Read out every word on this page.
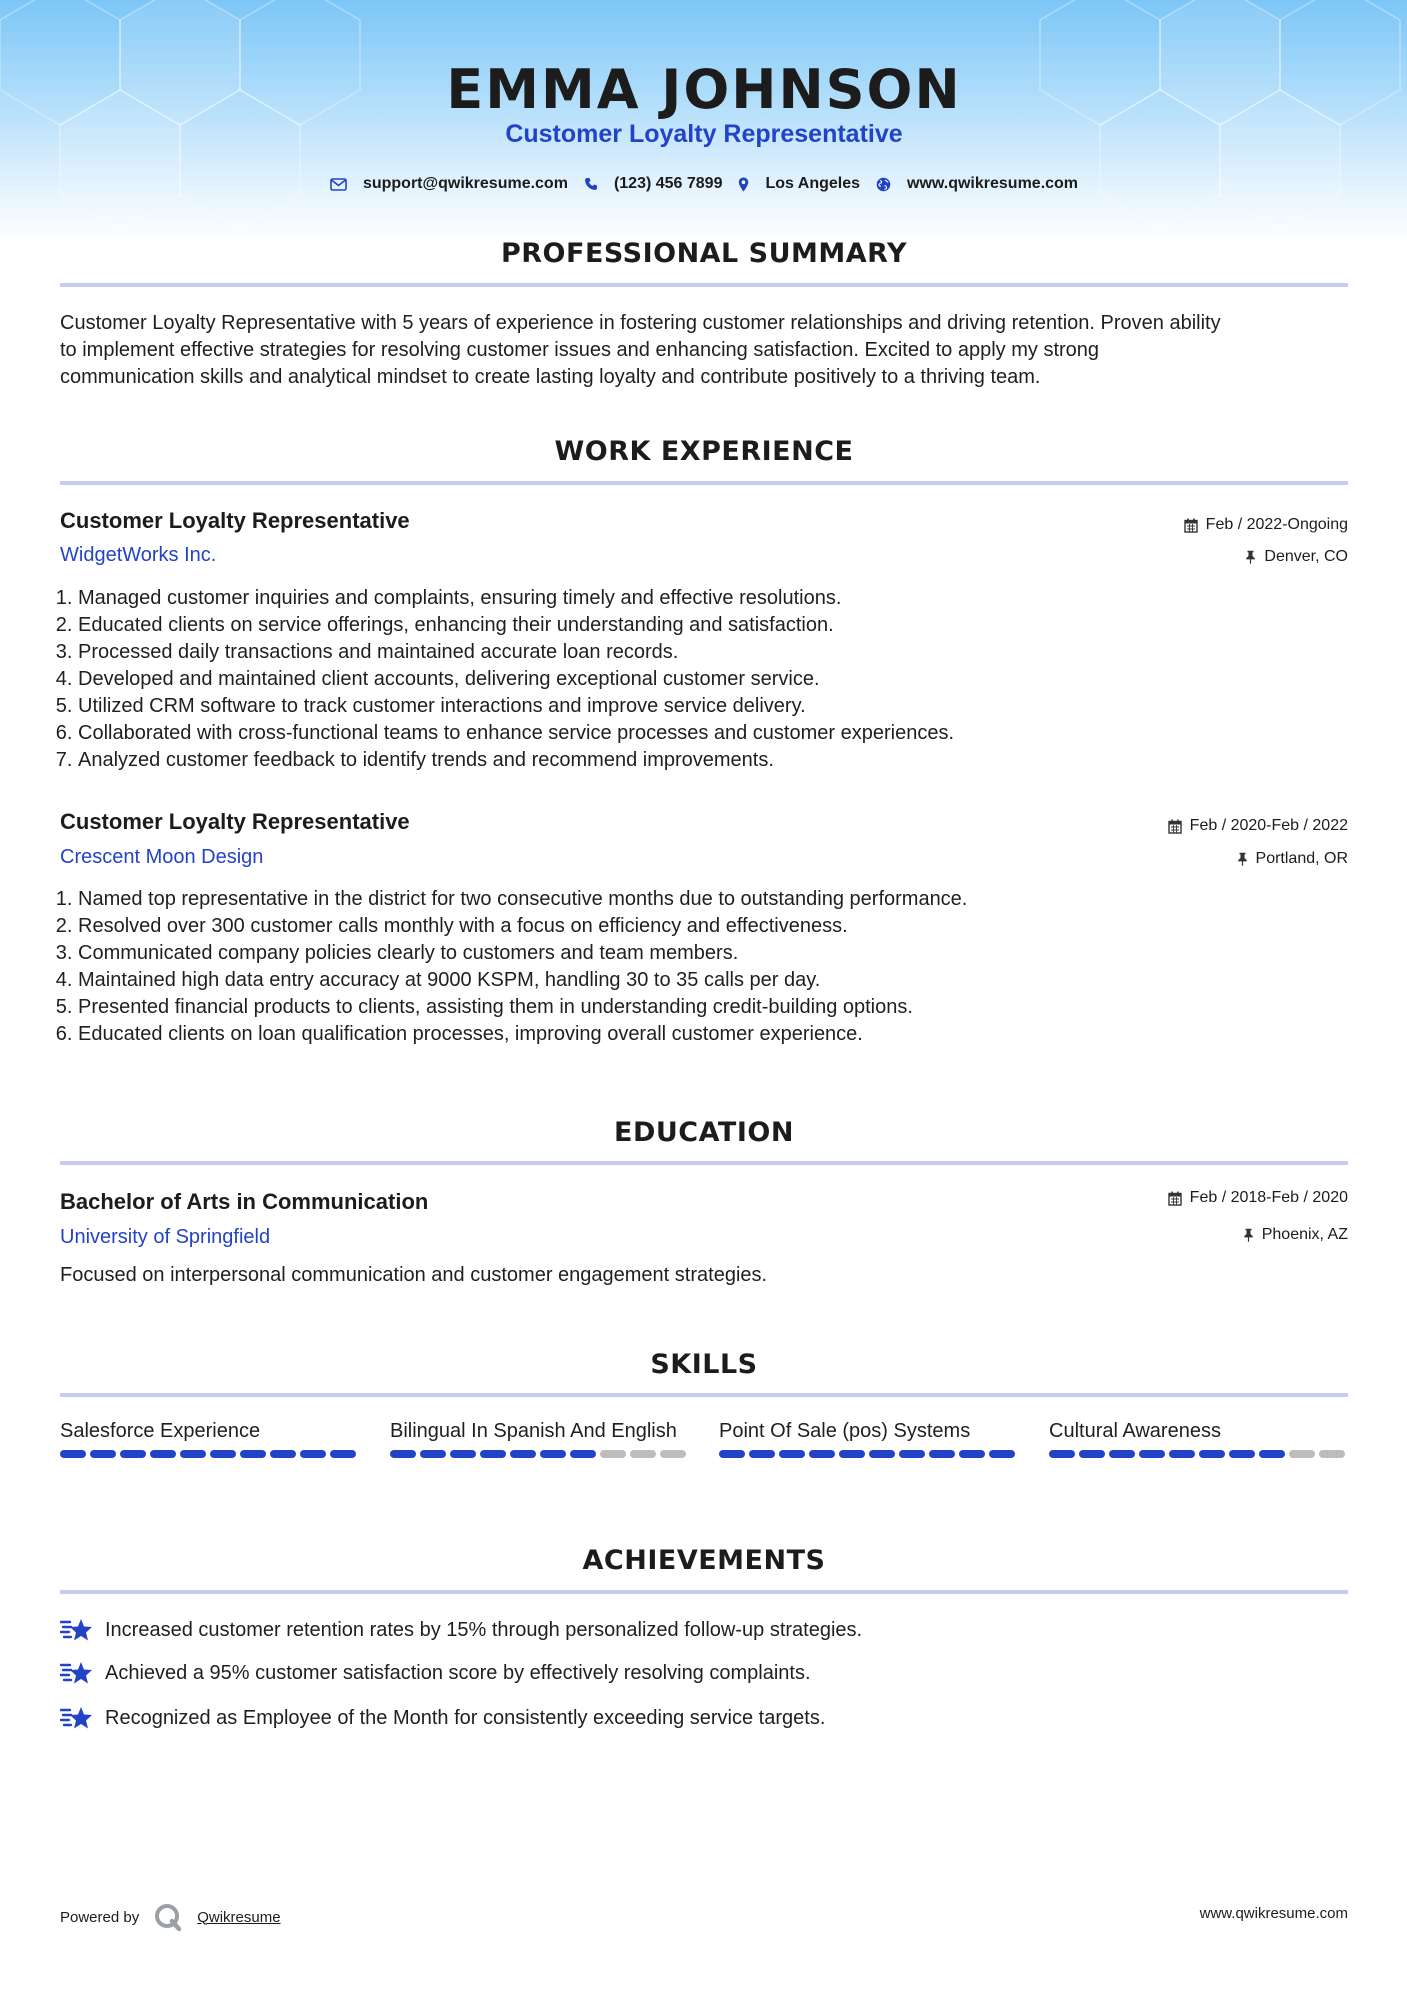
EMMA JOHNSON
Customer Loyalty Representative
support@qwikresume.com	(123) 456 7899	Los Angeles	www.qwikresume.com
PROFESSIONAL SUMMARY
Customer Loyalty Representative with 5 years of experience in fostering customer relationships and driving retention. Proven ability
to implement effective strategies for resolving customer issues and enhancing satisfaction. Excited to apply my strong
communication skills and analytical mindset to create lasting loyalty and contribute positively to a thriving team.
WORK EXPERIENCE
Customer Loyalty Representative	Feb / 2022-Ongoing
WidgetWorks Inc.	Denver, CO
1. Managed customer inquiries and complaints, ensuring timely and effective resolutions.
2. Educated clients on service offerings, enhancing their understanding and satisfaction.
3. Processed daily transactions and maintained accurate loan records.
4. Developed and maintained client accounts, delivering exceptional customer service.
5. Utilized CRM software to track customer interactions and improve service delivery.
6. Collaborated with cross-functional teams to enhance service processes and customer experiences.
7. Analyzed customer feedback to identify trends and recommend improvements.
Customer Loyalty Representative	Feb / 2020-Feb / 2022
Crescent Moon Design	Portland, OR
1. Named top representative in the district for two consecutive months due to outstanding performance.
2. Resolved over 300 customer calls monthly with a focus on efficiency and effectiveness.
3. Communicated company policies clearly to customers and team members.
4. Maintained high data entry accuracy at 9000 KSPM, handling 30 to 35 calls per day.
5. Presented financial products to clients, assisting them in understanding credit-building options.
6. Educated clients on loan qualification processes, improving overall customer experience.
EDUCATION
Bachelor of Arts in Communication	Feb / 2018-Feb / 2020
University of Springfield	Phoenix, AZ
Focused on interpersonal communication and customer engagement strategies.
SKILLS
Salesforce Experience	Bilingual In Spanish And English	Point Of Sale (pos) Systems	Cultural Awareness
ACHIEVEMENTS
Increased customer retention rates by 15% through personalized follow-up strategies.
Achieved a 95% customer satisfaction score by effectively resolving complaints.
Recognized as Employee of the Month for consistently exceeding service targets.
Powered by	Qwikresume	www.qwikresume.com
